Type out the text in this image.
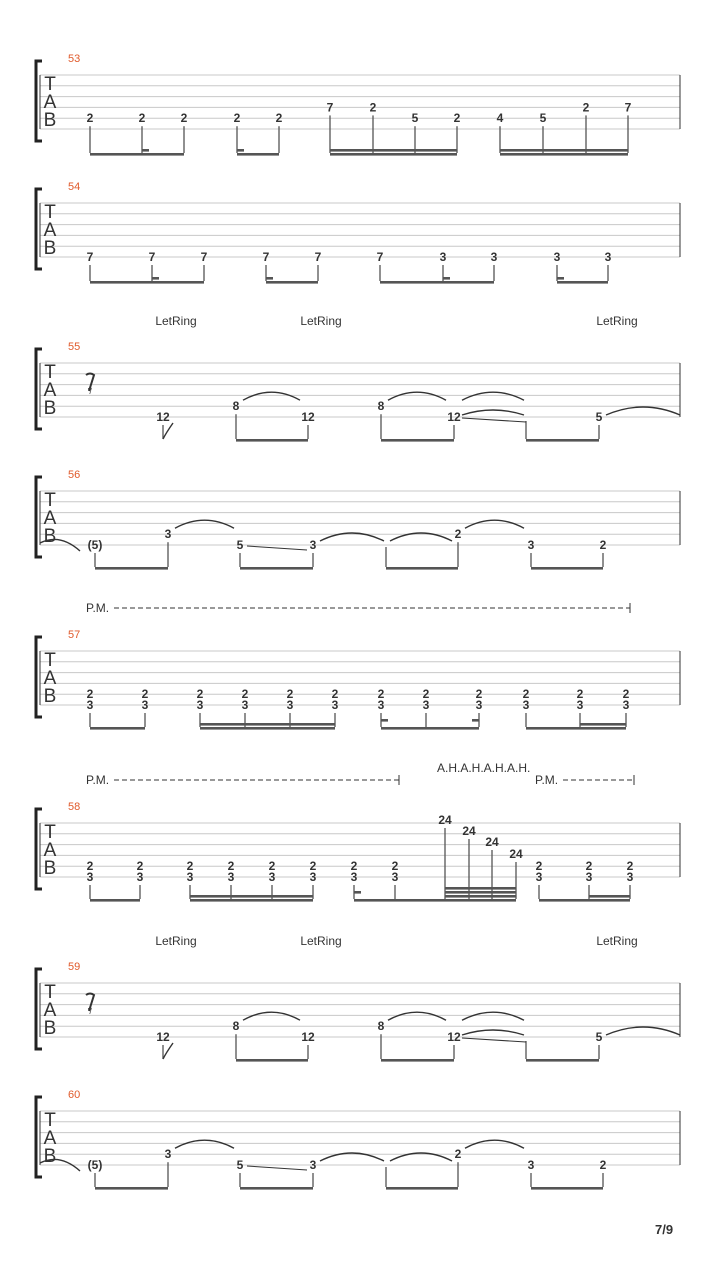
T
A
B
53
2	2	2	2	2
7	2
5	2	4	5
2	7
T
A
B
54
7	7	7	7	7	7	3	3	3	3
LetRing	LetRing	LetRing
T
A
B
55
𝄾
12
8
12
8
12	5
LetRing	LetRing	LetRing
T
A
B
59
𝄾
12
8
12
8
12	5
T
A
B
56
(5)
3
5	3
2
3	2
T
A
B
60
(5)
3
5	3
2
3	2
T
A
B
57
P.M.
2
3
2
3
2
3
2
3
2
3
2
3
2
3
2
3
2
3
2
3
2
3
2
3
T
A
B
58
P.M.
A.H.A.H.A.H.A.H.
P.M.
2
3
2
3
2
3
2
3
2
3
2
3
2
3
2
3
2
3
2
3
2
3
24
24
24
24
7/9
